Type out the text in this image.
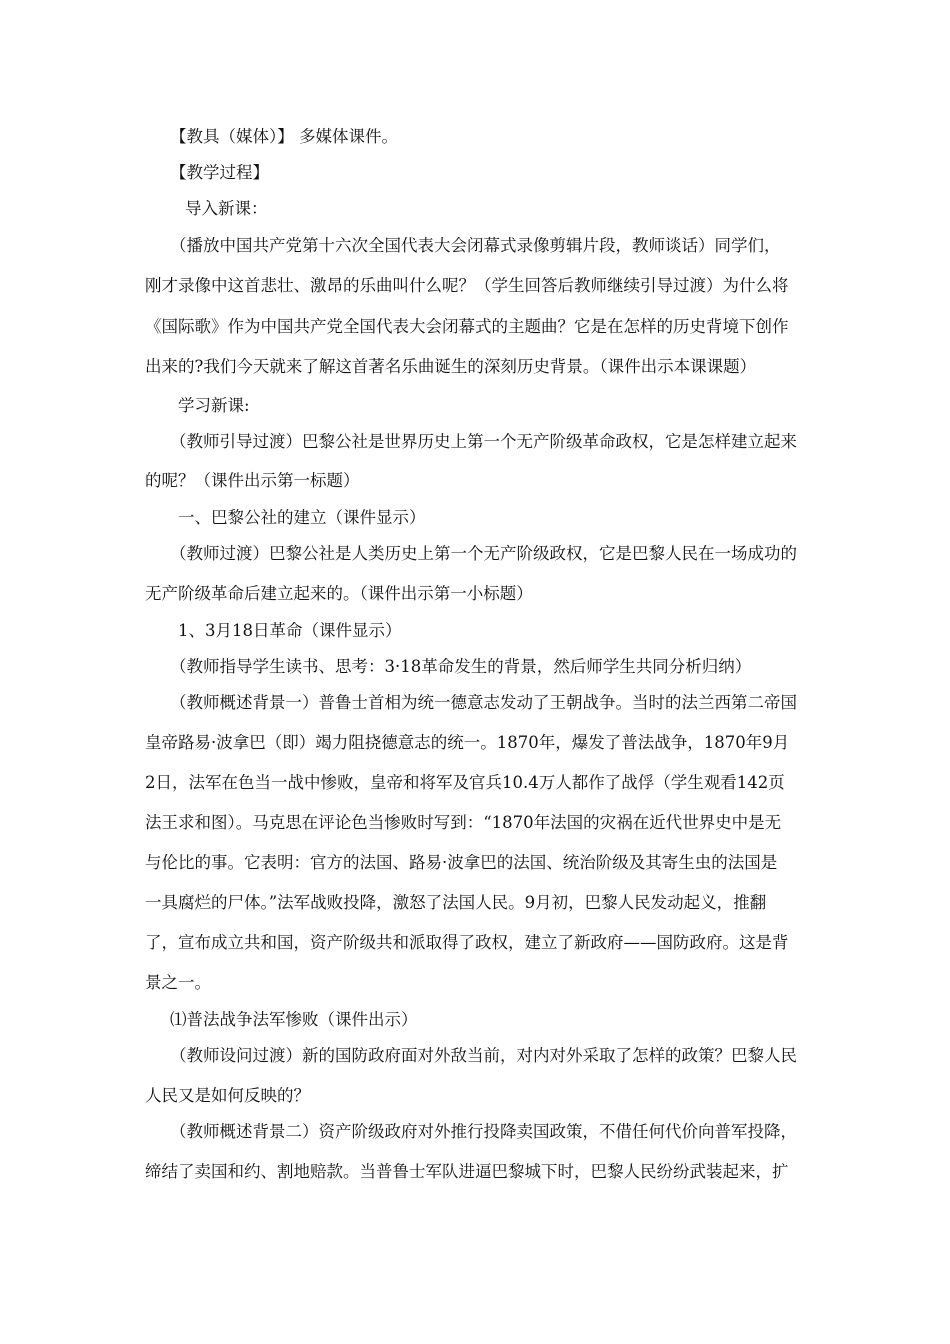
【教具（媒体）】 多媒体课件。
【教学过程】
导入新课：
（播放中国共产党第十六次全国代表大会闭幕式录像剪辑片段，教师谈话）同学们，
刚才录像中这首悲壮、激昂的乐曲叫什么呢？（学生回答后教师继续引导过渡）为什么将
《国际歌》作为中国共产党全国代表大会闭幕式的主题曲？它是在怎样的历史背境下创作
出来的?我们今天就来了解这首著名乐曲诞生的深刻历史背景。（课件出示本课课题）
学习新课:
（教师引导过渡）巴黎公社是世界历史上第一个无产阶级革命政权，它是怎样建立起来
的呢？（课件出示第一标题）
一、巴黎公社的建立（课件显示）
（教师过渡）巴黎公社是人类历史上第一个无产阶级政权，它是巴黎人民在一场成功的
无产阶级革命后建立起来的。（课件出示第一小标题）
1、3月18日革命（课件显示）
（教师指导学生读书、思考：3·18革命发生的背景，然后师学生共同分析归纳）
（教师概述背景一）普鲁士首相为统一德意志发动了王朝战争。当时的法兰西第二帝国
皇帝路易·波拿巴（即）竭力阻挠德意志的统一。1870年，爆发了普法战争，1870年9月
2日，法军在色当一战中惨败，皇帝和将军及官兵10.4万人都作了战俘（学生观看142页
法王求和图）。马克思在评论色当惨败时写到：“1870年法国的灾祸在近代世界史中是无
与伦比的事。它表明：官方的法国、路易·波拿巴的法国、统治阶级及其寄生虫的法国是
一具腐烂的尸体。”法军战败投降，激怒了法国人民。9月初，巴黎人民发动起义，推翻
了，宣布成立共和国，资产阶级共和派取得了政权，建立了新政府——国防政府。这是背
景之一。
⑴普法战争法军惨败（课件出示）
（教师设问过渡）新的国防政府面对外敌当前，对内对外采取了怎样的政策？巴黎人民
人民又是如何反映的？
（教师概述背景二）资产阶级政府对外推行投降卖国政策，不借任何代价向普军投降，
缔结了卖国和约、割地赔款。当普鲁士军队进逼巴黎城下时，巴黎人民纷纷武装起来，扩
